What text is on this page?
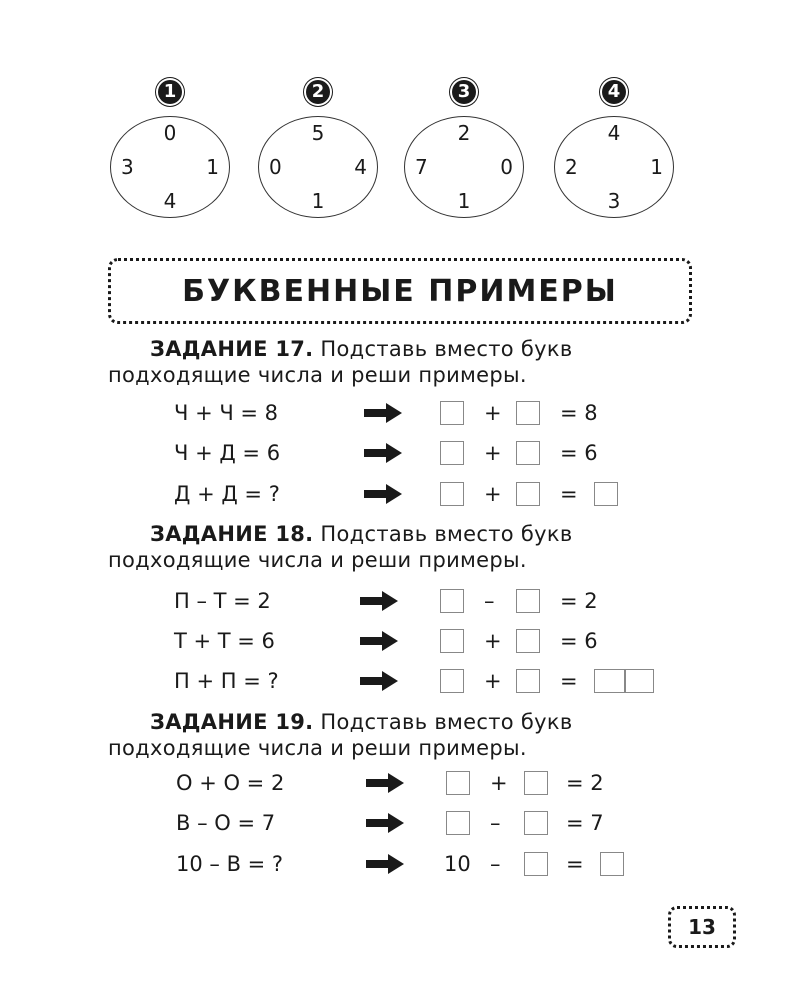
1
0
1
4
3
2
5
4
1
0
3
2
0
1
7
4
4
1
3
2
БУКВЕННЫЕ ПРИМЕРЫ
ЗАДАНИЕ 17. Подставь вместо букв
подходящие числа и реши примеры.
Ч + Ч = 8	+	= 8
Ч + Д = 6	+	= 6
Д + Д = ?	+	=
ЗАДАНИЕ 18. Подставь вместо букв
подходящие числа и реши примеры.
П – Т = 2	–	= 2
Т + Т = 6	+	= 6
П + П = ?	+	=
ЗАДАНИЕ 19. Подставь вместо букв
подходящие числа и реши примеры.
О + О = 2	+	= 2
В – О = 7	–	= 7
10 – В = ?	10 –	=
13
